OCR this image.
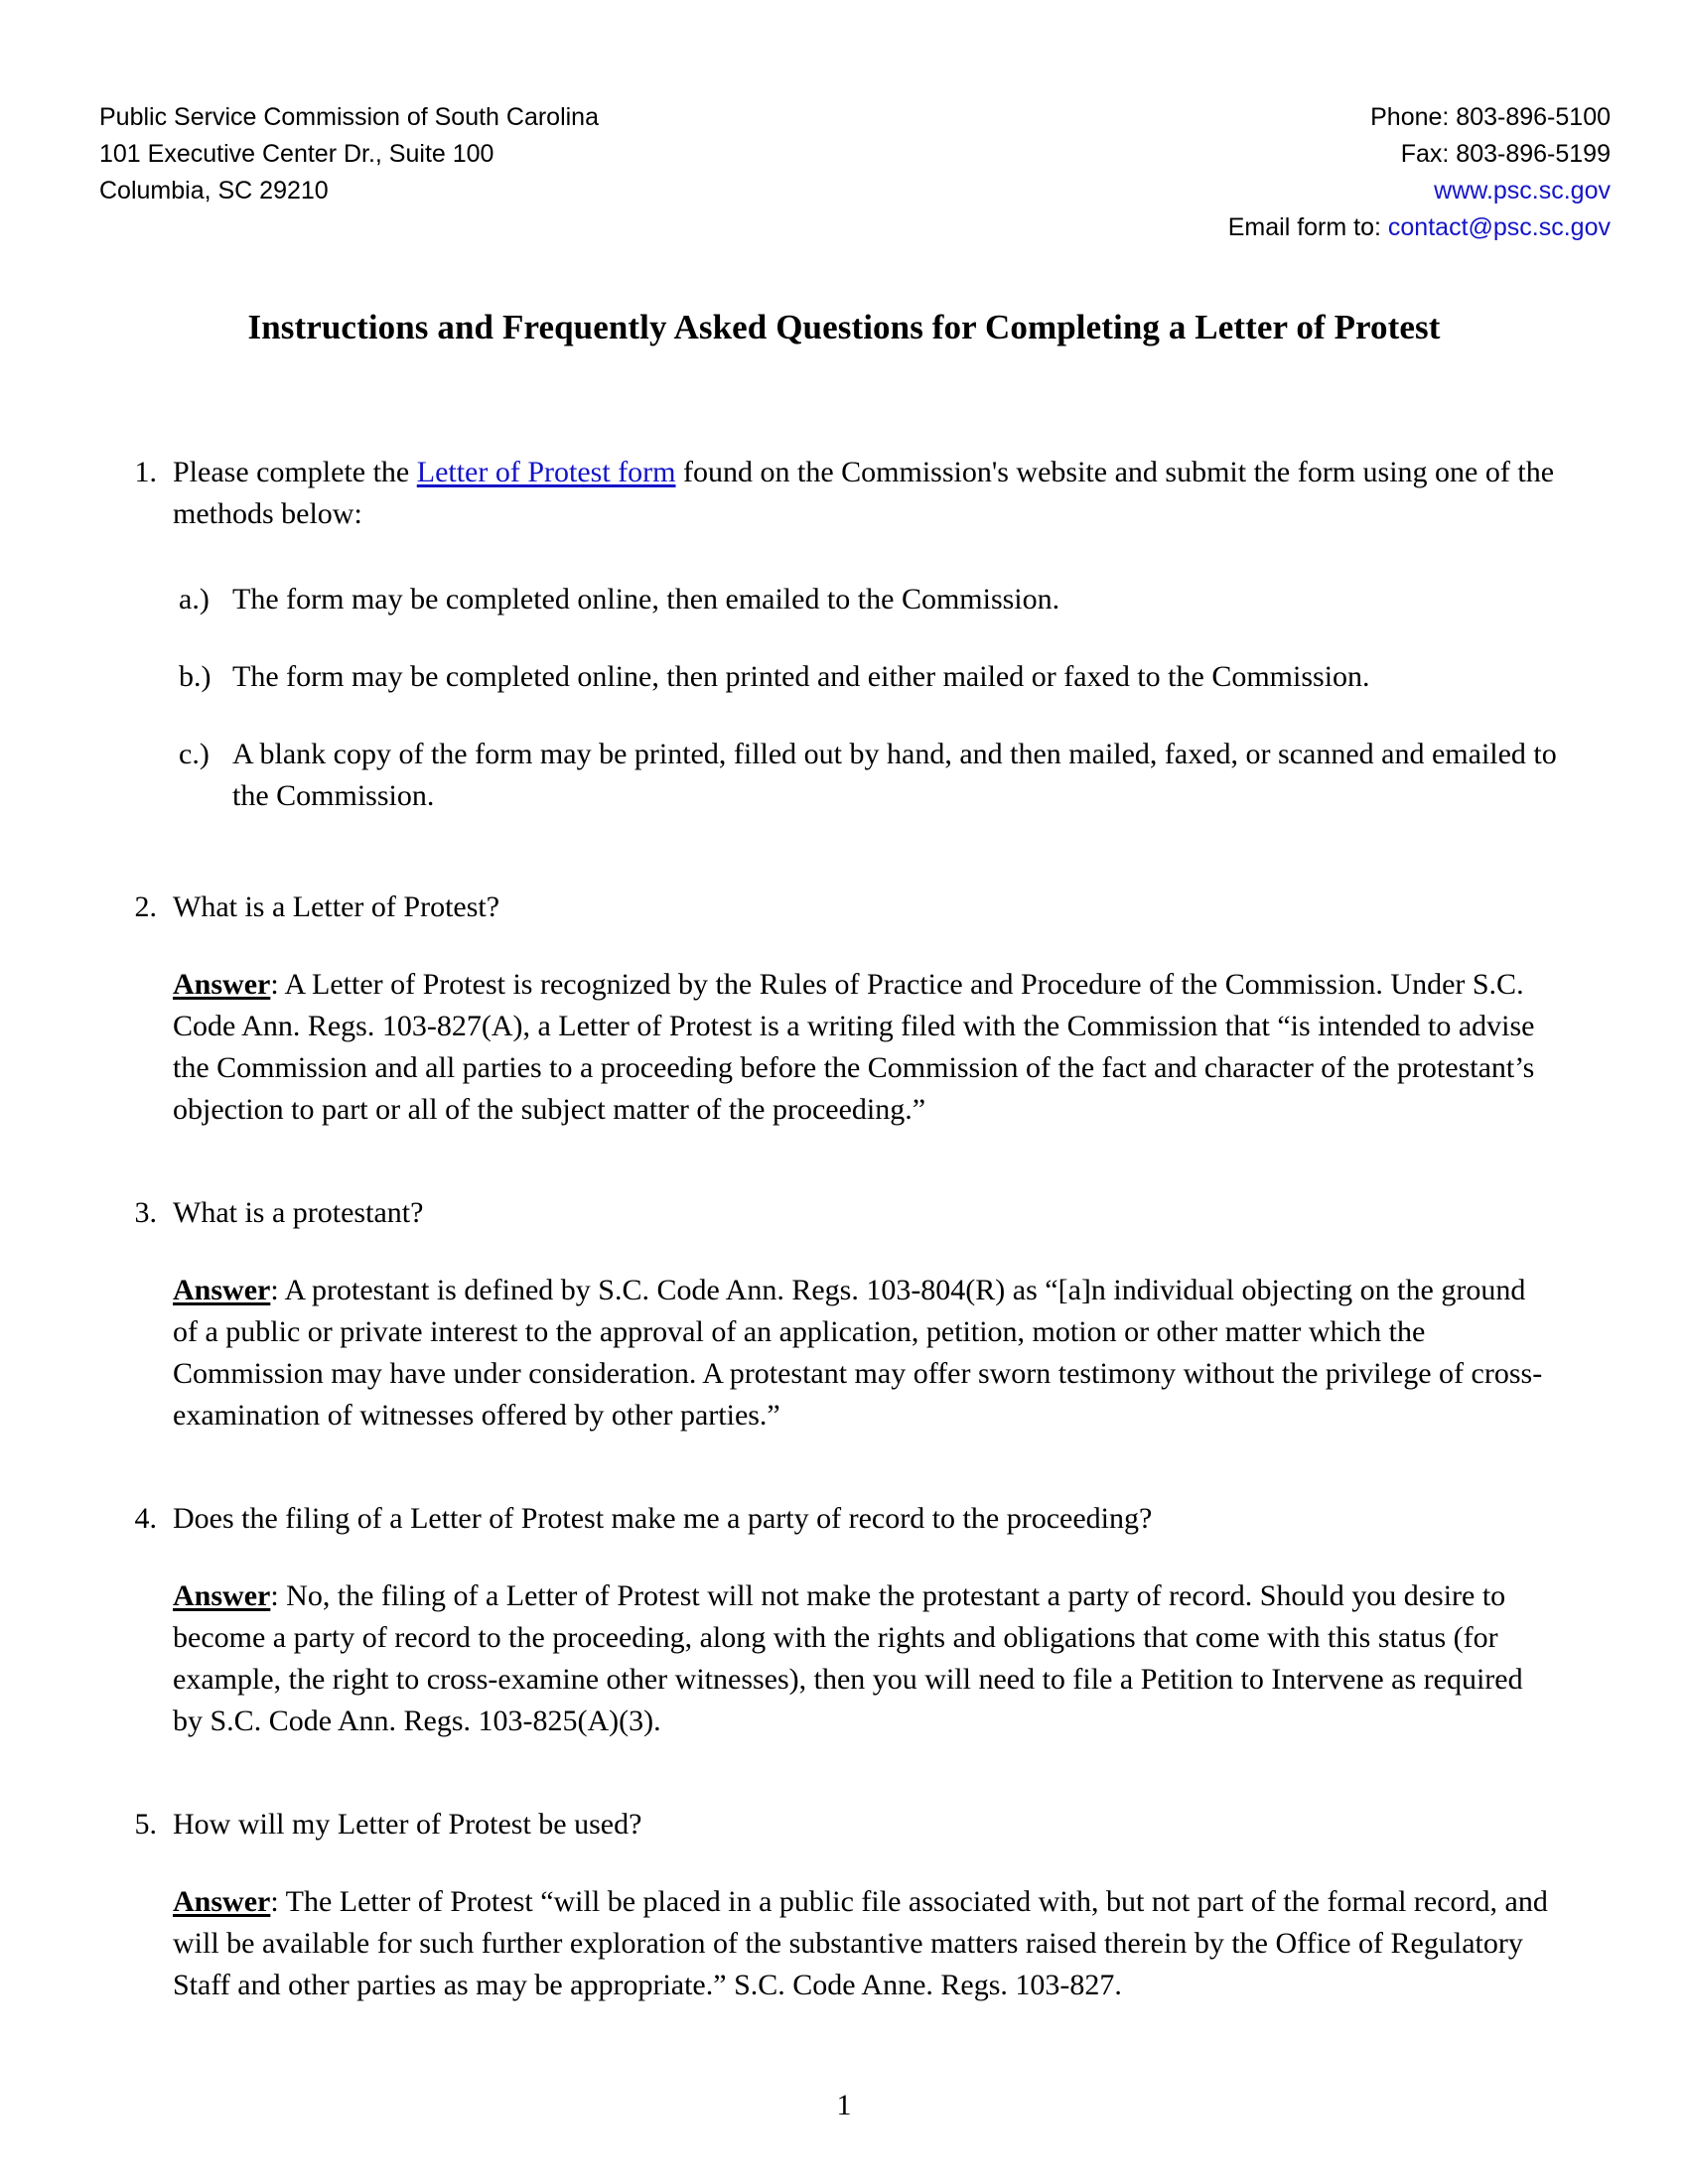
Public Service Commission of South Carolina
101 Executive Center Dr., Suite 100
Columbia, SC 29210
Phone: 803-896-5100
Fax: 803-896-5199
www.psc.sc.gov
Email form to: contact@psc.sc.gov
Instructions and Frequently Asked Questions for Completing a Letter of Protest
1. Please complete the Letter of Protest form found on the Commission's website and submit the form using one of the methods below:
a.) The form may be completed online, then emailed to the Commission.
b.) The form may be completed online, then printed and either mailed or faxed to the Commission.
c.) A blank copy of the form may be printed, filled out by hand, and then mailed, faxed, or scanned and emailed to the Commission.
2. What is a Letter of Protest?
Answer: A Letter of Protest is recognized by the Rules of Practice and Procedure of the Commission. Under S.C. Code Ann. Regs. 103-827(A), a Letter of Protest is a writing filed with the Commission that “is intended to advise the Commission and all parties to a proceeding before the Commission of the fact and character of the protestant’s objection to part or all of the subject matter of the proceeding.”
3. What is a protestant?
Answer: A protestant is defined by S.C. Code Ann. Regs. 103-804(R) as “[a]n individual objecting on the ground of a public or private interest to the approval of an application, petition, motion or other matter which the Commission may have under consideration. A protestant may offer sworn testimony without the privilege of cross-examination of witnesses offered by other parties.”
4. Does the filing of a Letter of Protest make me a party of record to the proceeding?
Answer: No, the filing of a Letter of Protest will not make the protestant a party of record. Should you desire to become a party of record to the proceeding, along with the rights and obligations that come with this status (for example, the right to cross-examine other witnesses), then you will need to file a Petition to Intervene as required by S.C. Code Ann. Regs. 103-825(A)(3).
5. How will my Letter of Protest be used?
Answer: The Letter of Protest “will be placed in a public file associated with, but not part of the formal record, and will be available for such further exploration of the substantive matters raised therein by the Office of Regulatory Staff and other parties as may be appropriate.” S.C. Code Anne. Regs. 103-827.
1
